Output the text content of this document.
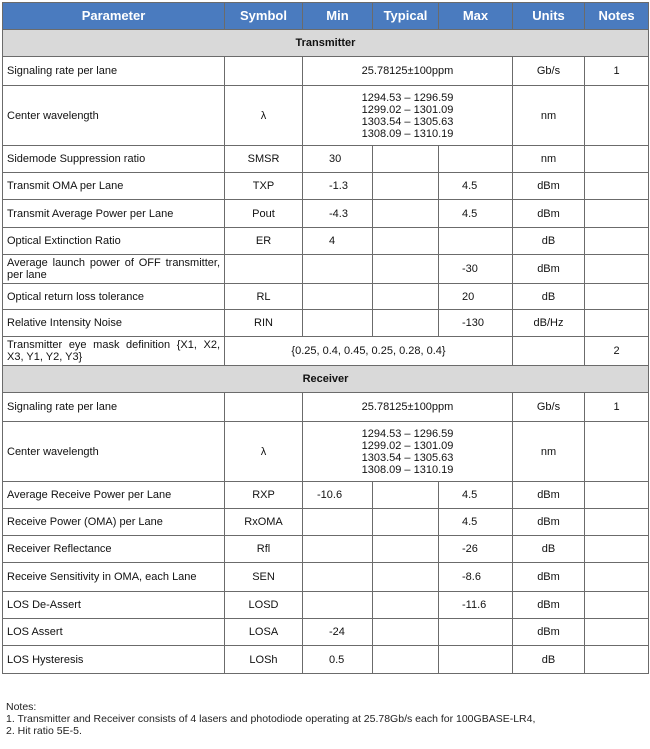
Parameter	Symbol	Min	Typical	Max	Units	Notes
Transmitter						
Signaling rate per lane		25.78125±100ppm			Gb/s	1
Center wavelength	λ	1294.53 – 1296.59
1299.02 – 1301.09
1303.54 – 1305.63
1308.09 – 1310.19			nm	
Sidemode Suppression ratio	SMSR	30			nm	
Transmit OMA per Lane	TXP	-1.3		4.5	dBm	
Transmit Average Power per Lane	Pout	-4.3		4.5	dBm	
Optical Extinction Ratio	ER	4			dB	
Average launch power of OFF transmitter, per lane				-30	dBm	
Optical return loss tolerance	RL			20	dB	
Relative Intensity Noise	RIN			-130	dB/Hz	
Transmitter eye mask definition {X1, X2, X3, Y1, Y2, Y3}	{0.25, 0.4, 0.45, 0.25, 0.28, 0.4}					2
Receiver						
Signaling rate per lane		25.78125±100ppm			Gb/s	1
Center wavelength	λ	1294.53 – 1296.59
1299.02 – 1301.09
1303.54 – 1305.63
1308.09 – 1310.19			nm	
Average Receive Power per Lane	RXP	-10.6		4.5	dBm	
Receive Power (OMA) per Lane	RxOMA			4.5	dBm	
Receiver Reflectance	Rfl			-26	dB	
Receive Sensitivity in OMA, each Lane	SEN			-8.6	dBm	
LOS De-Assert	LOSD			-11.6	dBm	
LOS Assert	LOSA	-24			dBm	
LOS Hysteresis	LOSh	0.5			dB	
Notes:
1. Transmitter and Receiver consists of 4 lasers and photodiode operating at 25.78Gb/s each for 100GBASE-LR4,
2. Hit ratio 5E-5.
